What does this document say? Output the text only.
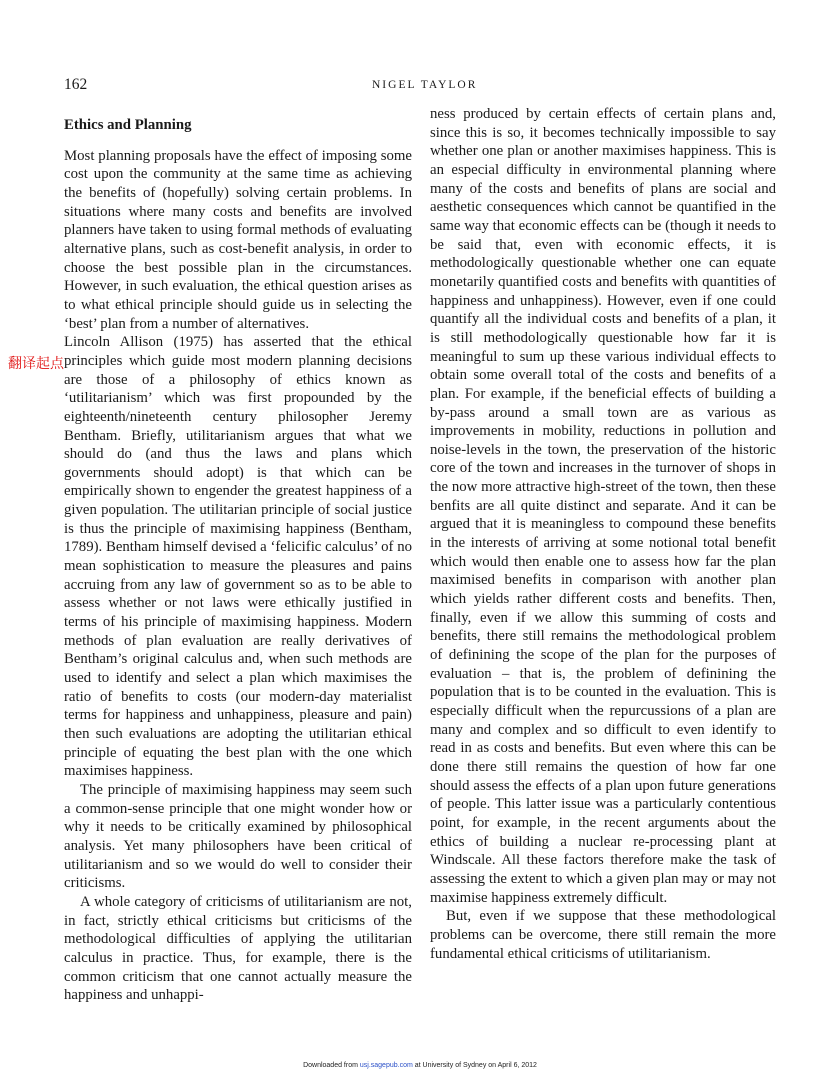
162	NIGEL TAYLOR
翻译起点
Ethics and Planning

Most planning proposals have the effect of imposing some cost upon the community at the same time as achieving the benefits of (hopefully) solving certain problems. In situations where many costs and benefits are involved planners have taken to using formal methods of evaluating alternative plans, such as cost-benefit analysis, in order to choose the best possible plan in the circumstances. However, in such evaluation, the ethical question arises as to what ethical principle should guide us in selecting the ‘best’ plan from a number of alternatives.

Lincoln Allison (1975) has asserted that the ethical principles which guide most modern planning decisions are those of a philosophy of ethics known as ‘utilitarianism’ which was first propounded by the eighteenth/nineteenth century philosopher Jeremy Bentham. Briefly, utilitarianism argues that what we should do (and thus the laws and plans which governments should adopt) is that which can be empirically shown to engender the greatest happiness of a given population. The utilitarian principle of social justice is thus the principle of maximising happiness (Bentham, 1789). Bentham himself devised a ‘felicific calculus’ of no mean sophistication to measure the pleasures and pains accruing from any law of government so as to be able to assess whether or not laws were ethically justified in terms of his principle of maximising happiness. Modern methods of plan evaluation are really derivatives of Bentham’s original calculus and, when such methods are used to identify and select a plan which maximises the ratio of benefits to costs (our modern-day materialist terms for happiness and unhappiness, pleasure and pain) then such evaluations are adopting the utilitarian ethical principle of equating the best plan with the one which maximises happiness.

The principle of maximising happiness may seem such a common-sense principle that one might wonder how or why it needs to be critically examined by philosophical analysis. Yet many philosophers have been critical of utilitarianism and so we would do well to consider their criticisms.

A whole category of criticisms of utilitarianism are not, in fact, strictly ethical criticisms but criticisms of the methodological difficulties of applying the utilitarian calculus in practice. Thus, for example, there is the common criticism that one cannot actually measure the happiness and unhappi-

ness produced by certain effects of certain plans and, since this is so, it becomes technically impossible to say whether one plan or another maximises happiness. This is an especial difficulty in environmental planning where many of the costs and benefits of plans are social and aesthetic consequences which cannot be quantified in the same way that economic effects can be (though it needs to be said that, even with economic effects, it is methodologically questionable whether one can equate monetarily quantified costs and benefits with quantities of happiness and unhappiness). However, even if one could quantify all the individual costs and benefits of a plan, it is still methodologically questionable how far it is meaningful to sum up these various individual effects to obtain some overall total of the costs and benefits of a plan. For example, if the beneficial effects of building a by-pass around a small town are as various as improvements in mobility, reductions in pollution and noise-levels in the town, the preservation of the historic core of the town and increases in the turnover of shops in the now more attractive high-street of the town, then these benfits are all quite distinct and separate. And it can be argued that it is meaningless to compound these benefits in the interests of arriving at some notional total benefit which would then enable one to assess how far the plan maximised benefits in comparison with another plan which yields rather different costs and benefits. Then, finally, even if we allow this summing of costs and benefits, there still remains the methodological problem of definining the scope of the plan for the purposes of evaluation – that is, the problem of definining the population that is to be counted in the evaluation. This is especially difficult when the repurcussions of a plan are many and complex and so difficult to even identify to read in as costs and benefits. But even where this can be done there still remains the question of how far one should assess the effects of a plan upon future generations of people. This latter issue was a particularly contentious point, for example, in the recent arguments about the ethics of building a nuclear re-processing plant at Windscale. All these factors therefore make the task of assessing the extent to which a given plan may or may not maximise happiness extremely difficult.

But, even if we suppose that these methodological problems can be overcome, there still remain the more fundamental ethical criticisms of utilitarianism.

Downloaded from usj.sagepub.com at University of Sydney on April 6, 2012
